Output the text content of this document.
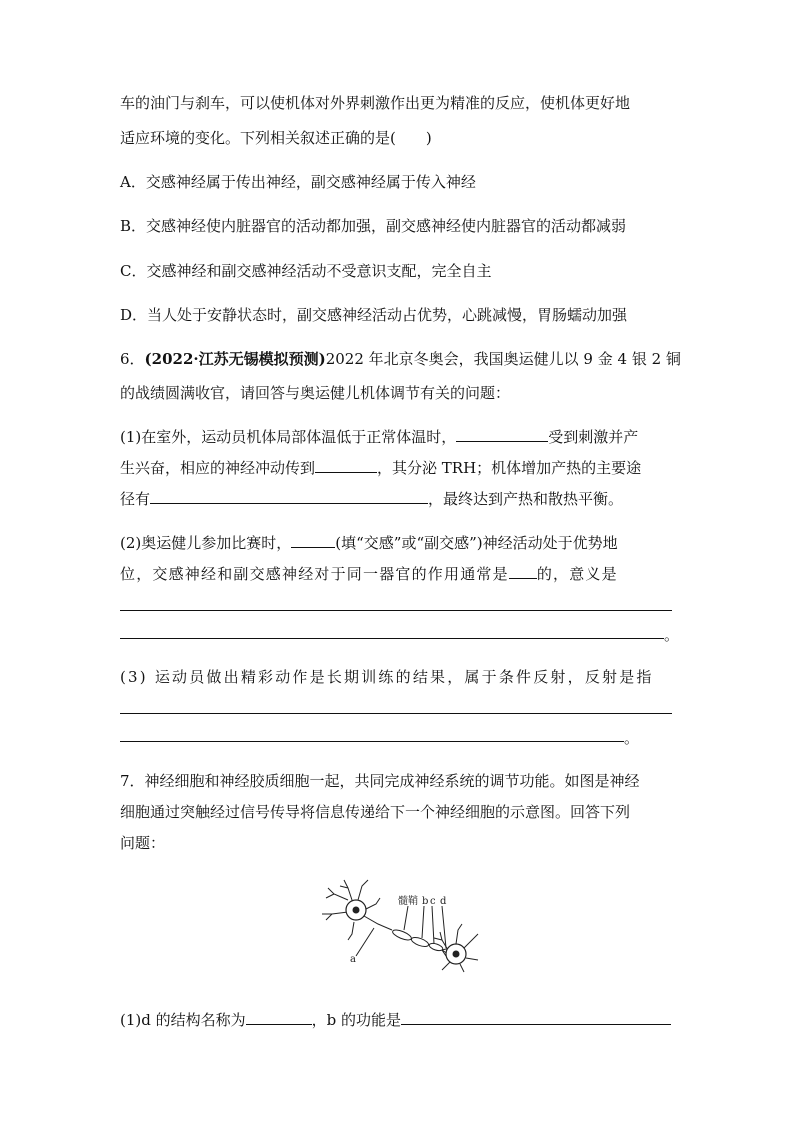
车的油门与刹车，可以使机体对外界刺激作出更为精准的反应，使机体更好地
适应环境的变化。下列相关叙述正确的是(　　)
A．交感神经属于传出神经，副交感神经属于传入神经
B．交感神经使内脏器官的活动都加强，副交感神经使内脏器官的活动都减弱
C．交感神经和副交感神经活动不受意识支配，完全自主
D．当人处于安静状态时，副交感神经活动占优势，心跳减慢，胃肠蠕动加强
6．(2022·江苏无锡模拟预测)2022 年北京冬奥会，我国奥运健儿以 9 金 4 银 2 铜
的战绩圆满收官，请回答与奥运健儿机体调节有关的问题：
(1)在室外，运动员机体局部体温低于正常体温时，	受到刺激并产
生兴奋，相应的神经冲动传到	，其分泌 TRH；机体增加产热的主要途
径有	，最终达到产热和散热平衡。
(2)奥运健儿参加比赛时，	(填“交感”或“副交感”)神经活动处于优势地
位，交感神经和副交感神经对于同一器官的作用通常是 的，意义是
。
(3) 运动员做出精彩动作是长期训练的结果，属于条件反射，反射是指
。
7．神经细胞和神经胶质细胞一起，共同完成神经系统的调节功能。如图是神经
细胞通过突触经过信号传导将信息传递给下一个神经细胞的示意图。回答下列
问题：
髓鞘 b c d
a
(1)d 的结构名称为	，b 的功能是
